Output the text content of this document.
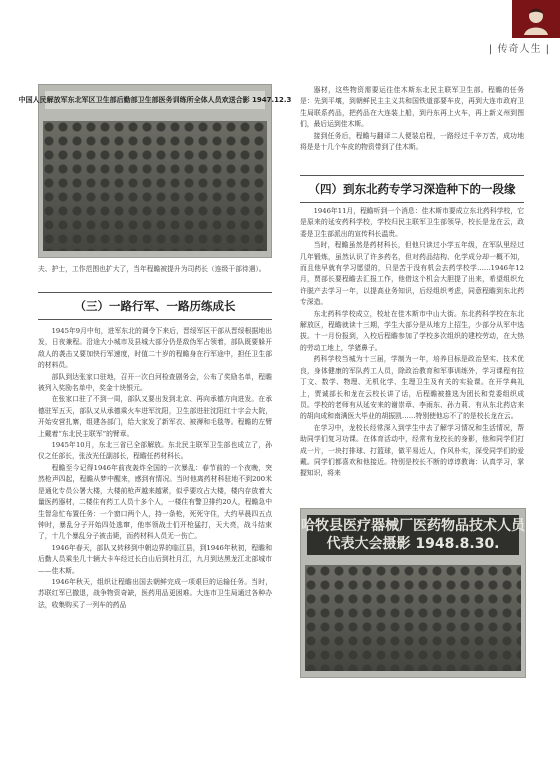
| 传奇人生 |
中国人民解放军东北军区卫生部后勤部卫生部医务训练所全体人员欢送合影 1947.12.3

夫、护士，工作范围也扩大了，当年程瞻被提升为司药长（连级干部待遇）。

（三）一路行军、一路历练成长

1945年9月中旬，进军东北的调令下来后，晋绥军区干部从晋绥根据地出发，日夜兼程。沿途大小城市及县城大部分仍是敌伪军占领着，部队既要躲开敌人的袭击又要加快行军速度，时值二十岁的程瞻身在行军途中，担任卫生部的材料员。

部队到达张家口驻地，召开一次白河检查剧务会，公布了奖励名单，程瞻被列入奖励名单中，奖金十块银元。

在张家口驻了不到一周，部队又要出发到北京、再向承德方向进发。在承德驻军五天，部队又从承德乘火车进军沈阳，卫生部进驻沈阳红十字会大院，开始安营扎寨，组建各部门，给大家发了新军衣、被褥和毛毯等。程瞻的左臂上戴着“东北民主联军”的臂章。

1945年10月，东北三省已全部解放。东北民主联军卫生部也成立了，孙仪之任部长，张汝光任副部长，程瞻任药材科长。

程瞻至今记得1946年前夜轰炸全国的一次暴乱：春节前的一个夜晚，突然枪声四起，程瞻从梦中醒来，感到有情况。当时他离药材科驻地不到200米是通化专员公署大楼，大楼前枪声越来越紧，似乎要攻占大楼，楼内存放着大量医药器材，二楼住有药工人员十多个人，一楼住有警卫排约20人，程瞻急中生智急忙布置任务：一个窗口两个人，持一条枪，死死守住，大约早晨四五点钟时，暴乱分子开始四处逃窜，他率领战士们开枪猛打，天大亮，战斗结束了，十几个暴乱分子被击毙，而药材科人员无一伤亡。

1946年春天，部队又转移到中朝边界的临江县，到1946年秋初，程瞻和后勤人员乘坐几十辆大卡车经过长白山后到杜月江，九月到达黑龙江北部城市——佳木斯。

1946年秋天，组织让程瞻出国去朝鲜完成一项艰巨的运输任务。当时，苏联红军已撤退，战争物资奇缺，医药用品更困难。大连市卫生局通过各种办法，收集购买了一列车的药品

器材，这些物资需要运往佳木斯东北民主联军卫生部。程瞻的任务是：先到平壤，到朝鲜民主主义共和国铁道部要车皮，再到大连市政府卫生局联系药品，把药品在大连装上船，到丹东再上火车，再上新义州到图们，最后运到佳木斯。

接到任务后，程瞻与翻译二人便装启程，一路经过千辛万苦，成功地将是是十几个车皮的物资带到了佳木斯。

（四）到东北药专学习深造种下的一段缘

1946年11月，程瞻听到一个消息：佳木斯市要成立东北药科学校，它是原来的延安药科学校，学校归民主联军卫生部领导，校长是龙在云，政委是卫生部派出的宣传科长温贵。

当时，程瞻虽然是药材科长，但他只读过小学五年级，在军队里经过几年锻炼，虽然认识了许多药名，但对药品结构、化学成分却一概不知，而且他早就有学习愿望的，只是苦于没有机会去药学校学……1946年12月，贾部长要程瞻去汇报工作，他借这个机会大胆提了出来，希望组织允许脱产去学习一年，以提高业务知识，后经组织考虑，同意程瞻到东北药专深造。

东北药科学校成立，校址在佳木斯市中山大街。东北药科学校在东北解放区，程瞻就读十三期，学生大部分是从地方上招生，少部分从军中选拔。十一月份报到，入校后程瞻参加了学校多次组织的建校劳动，在大热的劳动工地上，学猪鼻子。

药科学校当城为十三届，学制为一年，培养目标是政治坚实、技术优良，身体健康的军队药工人员，除政治教育和军事训练外，学习课程有拉丁文、数学、物理、无机化学、生理卫生及有关的实验课。在开学典礼上，贾诚部长和龙在云校长讲了话，后程瞻被推选为团长和党委组织成员。学校的老师有从延安来的谢崇章、李雨东、孙力莉、有从东北药店来的胡向成和南满医大毕业的胡振凯……特别使他忘不了的是校长龙在云。

在学习中，龙校长经常深入到学生中去了解学习情况和生活情况，帮助同学们复习功课。在体育活动中，经常有龙校长的身影，他和同学们打成一片，一块打排球、打篮球，做平易近人，作风朴实，深受同学们的爱戴。同学们都喜欢和他接近。特别是校长不断的谆谆教诲：认真学习，掌握知识，将来

哈牧县医疗器械厂医药物品技术人员
代表大会摄影 1948.8.30.
